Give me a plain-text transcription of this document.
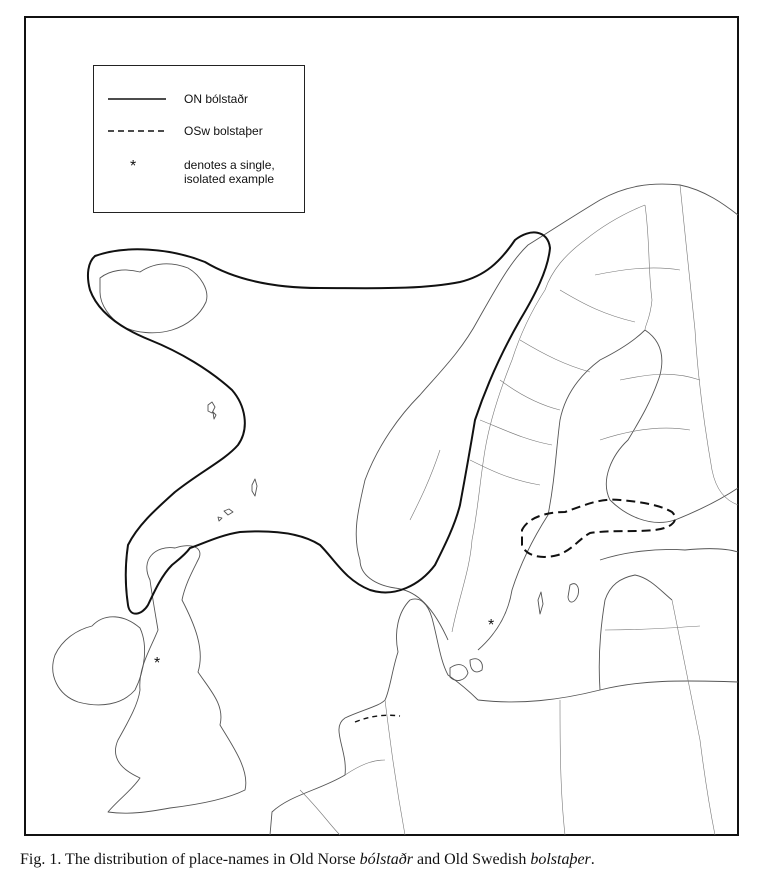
*
*
ON bólstaðr
OSw bolstaþer
*	denotes a single,
isolated example
Fig. 1. The distribution of place-names in Old Norse bólstaðr and Old Swedish bolstaþer.
